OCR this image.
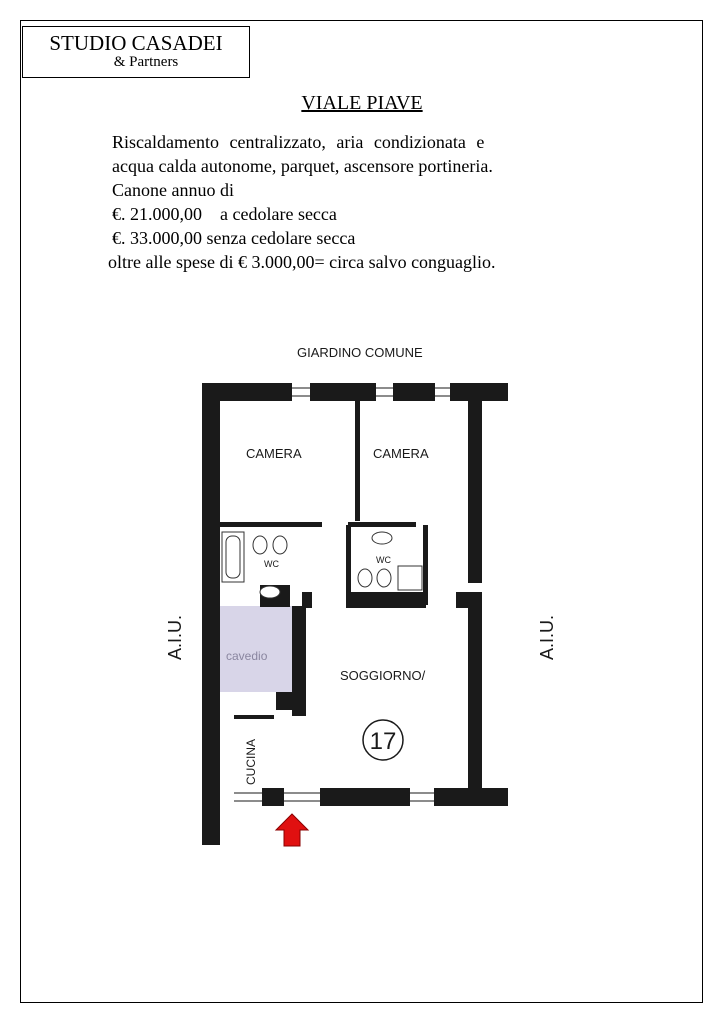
STUDIO CASADEI
& Partners
VIALE PIAVE
Riscaldamento centralizzato, aria condizionata e
acqua calda autonome, parquet, ascensore portineria.
Canone annuo di
€. 21.000,00 a cedolare secca
€. 33.000,00 senza cedolare secca
oltre alle spese di € 3.000,00= circa salvo conguaglio.
GIARDINO COMUNE
CAMERA	CAMERA
WC	WC
cavedio
SOGGIORNO/
CUCINA
A.I.U.	A.I.U.
17
